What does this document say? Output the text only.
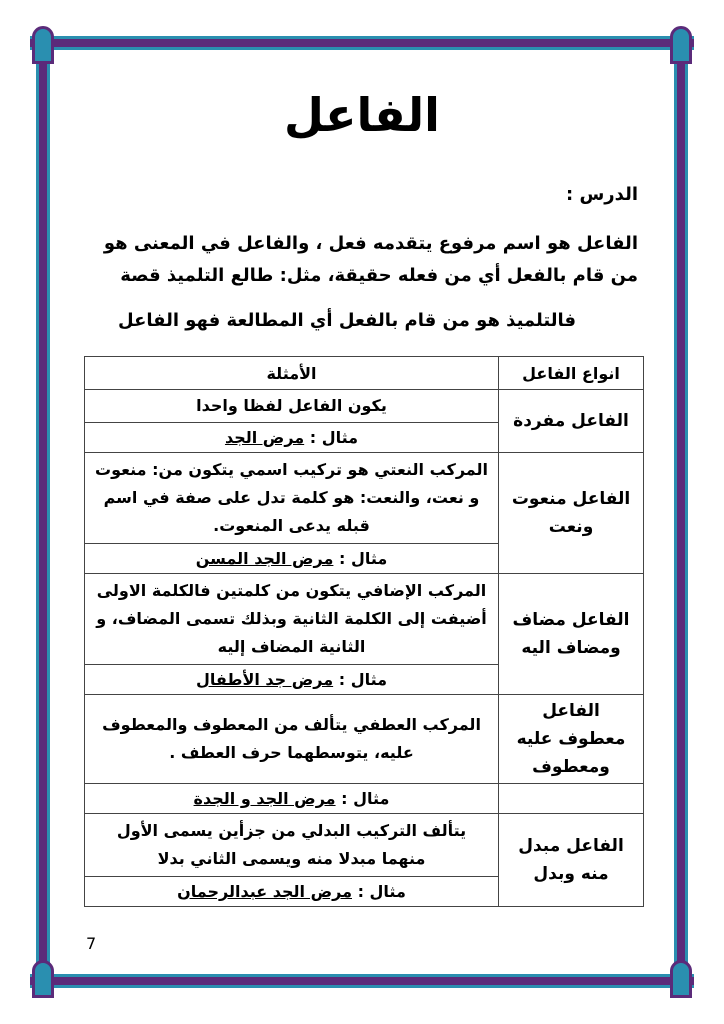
الفاعل
الدرس :
الفاعل هو اسم مرفوع يتقدمه فعل ، والفاعل في المعنى هو من قام بالفعل أي من فعله حقيقة، مثل: طالع التلميذ قصة
فالتلميذ هو من قام بالفعل أي المطالعة فهو الفاعل
انواع الفاعل	الأمثلة
الفاعل مفردة	يكون الفاعل لفظا واحدا
	مثال : مرض الجد
الفاعل منعوت ونعت	المركب النعتي هو تركيب اسمي يتكون من: منعوت و نعت، والنعت: هو كلمة تدل على صفة في اسم قبله يدعى المنعوت.
	مثال : مرض الجد المسن
الفاعل مضاف ومضاف اليه	المركب الإضافي يتكون من كلمتين فالكلمة الاولى أضيفت إلى الكلمة الثانية وبذلك تسمى المضاف، و الثانية المضاف إليه
	مثال : مرض جد الأطفال
الفاعل معطوف عليه ومعطوف	المركب العطفي يتألف من المعطوف والمعطوف عليه، يتوسطهما حرف العطف .
	مثال : مرض الجد و الجدة
الفاعل مبدل منه وبدل	يتألف التركيب البدلي من جزأين يسمى الأول منهما مبدلا منه ويسمى الثاني بدلا
	مثال : مرض الجد عبدالرحمان
7
